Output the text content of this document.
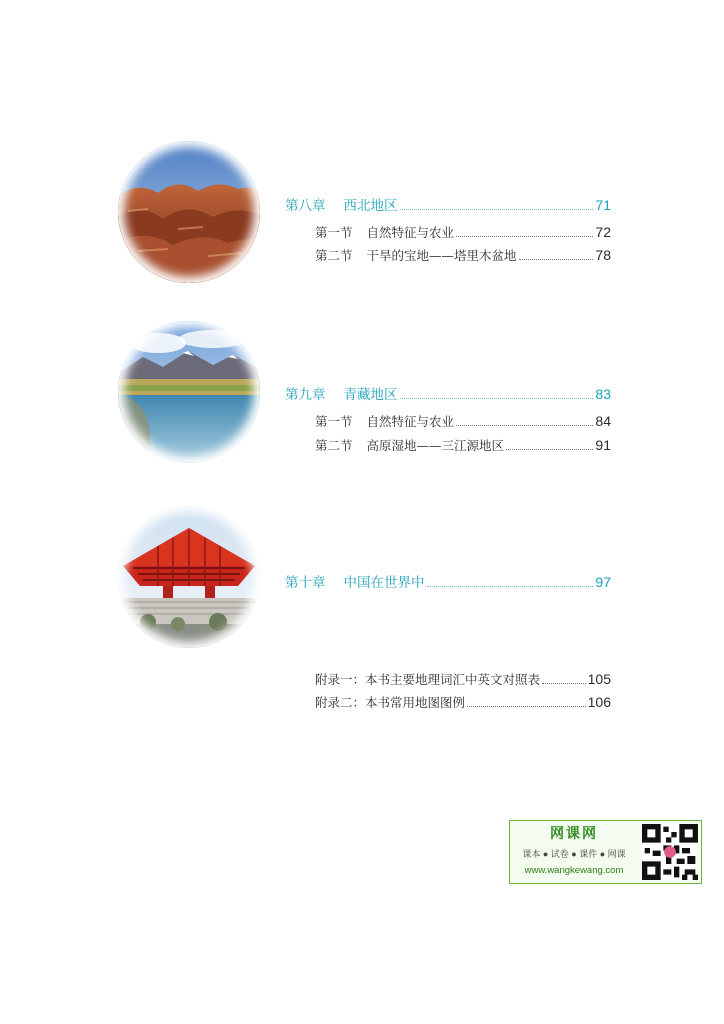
第八章 西北地区	71
第一节 自然特征与农业	72
第二节 干旱的宝地——塔里木盆地	78
第九章 青藏地区	83
第一节 自然特征与农业	84
第二节 高原湿地——三江源地区	91
第十章 中国在世界中	97
附录一：本书主要地理词汇中英文对照表	105
附录二：本书常用地图图例	106
网课网
课本 ● 试卷 ● 课件 ● 网课
www.wangkewang.com
